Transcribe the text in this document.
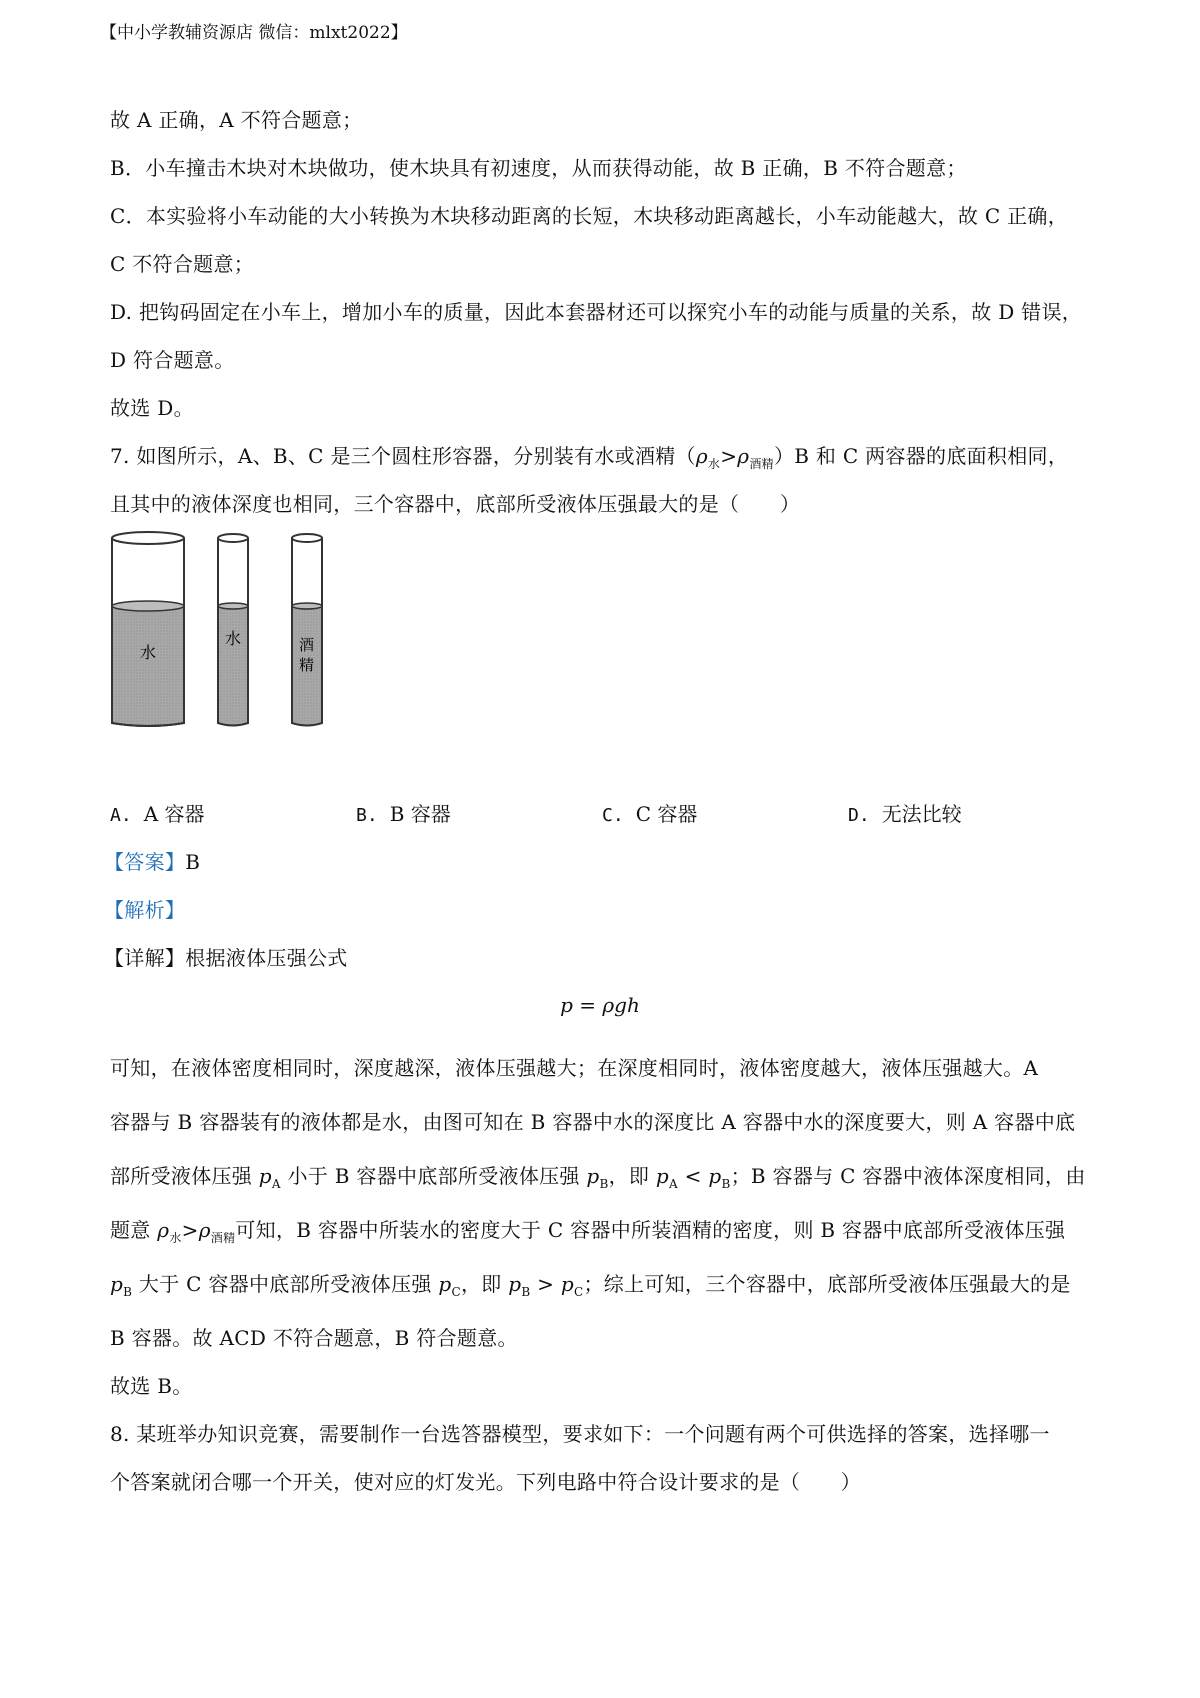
【中小学教辅资源店 微信：mlxt2022】
故 A 正确，A 不符合题意；
B．小车撞击木块对木块做功，使木块具有初速度，从而获得动能，故 B 正确，B 不符合题意；
C．本实验将小车动能的大小转换为木块移动距离的长短，木块移动距离越长，小车动能越大，故 C 正确，
C 不符合题意；
D. 把钩码固定在小车上，增加小车的质量，因此本套器材还可以探究小车的动能与质量的关系，故 D 错误，
D 符合题意。
故选 D。
7. 如图所示，A、B、C 是三个圆柱形容器，分别装有水或酒精$(\rho_水>\rho_{酒精})B$ 和 C 两容器的底面积相同，
且其中的液体深度也相同，三个容器中，底部所受液体压强最大的是（　　）
水
水	酒
精
A. A 容器	B. B 容器	C. C 容器	D. 无法比较
【答案】B
【解析】
【详解】根据液体压强公式
p = ρgh
可知，在液体密度相同时，深度越深，液体压强越大；在深度相同时，液体密度越大，液体压强越大。A
容器与 B 容器装有的液体都是水，由图可知在 B 容器中水的深度比 A 容器中水的深度要大，则 A 容器中底
部所受液体压强 $p_A$ 小于 B 容器中底部所受液体压强 $p_B$，即 $p_A < p_B$；B 容器与 C 容器中液体深度相同，由
题意 $\rho_水>\rho_{酒精}$可知，B 容器中所装水的密度大于 C 容器中所装酒精的密度，则 B 容器中底部所受液体压强
$p_B$ 大于 C 容器中底部所受液体压强 $p_C$，即 $p_B > p_C$；综上可知，三个容器中，底部所受液体压强最大的是
B 容器。故 ACD 不符合题意，B 符合题意。
故选 B。
8. 某班举办知识竞赛，需要制作一台选答器模型，要求如下：一个问题有两个可供选择的答案，选择哪一
个答案就闭合哪一个开关，使对应的灯发光。下列电路中符合设计要求的是（　　）
